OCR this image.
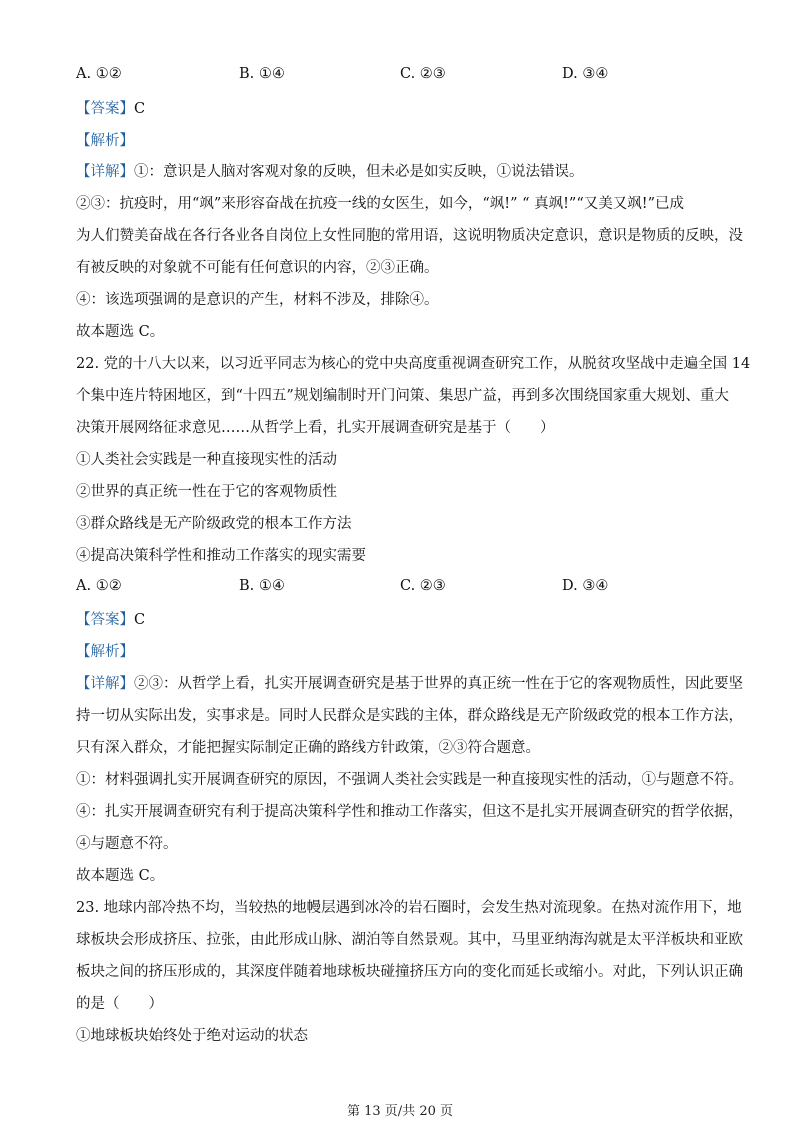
A. ①②	B. ①④	C. ②③	D. ③④
【答案】C
【解析】
【详解】①：意识是人脑对客观对象的反映，但未必是如实反映，①说法错误。
②③：抗疫时，用“飒”来形容奋战在抗疫一线的女医生，如今，“飒!” “ 真飒!”“又美又飒!”已成
为人们赞美奋战在各行各业各自岗位上女性同胞的常用语，这说明物质决定意识，意识是物质的反映，没
有被反映的对象就不可能有任何意识的内容，②③正确。
④：该选项强调的是意识的产生，材料不涉及，排除④。
故本题选 C。
22. 党的十八大以来，以习近平同志为核心的党中央高度重视调查研究工作，从脱贫攻坚战中走遍全国 14
个集中连片特困地区，到“十四五”规划编制时开门问策、集思广益，再到多次围绕国家重大规划、重大
决策开展网络征求意见……从哲学上看，扎实开展调查研究是基于（　　）
①人类社会实践是一种直接现实性的活动
②世界的真正统一性在于它的客观物质性
③群众路线是无产阶级政党的根本工作方法
④提高决策科学性和推动工作落实的现实需要
A. ①②	B. ①④	C. ②③	D. ③④
【答案】C
【解析】
【详解】②③：从哲学上看，扎实开展调查研究是基于世界的真正统一性在于它的客观物质性，因此要坚
持一切从实际出发，实事求是。同时人民群众是实践的主体，群众路线是无产阶级政党的根本工作方法，
只有深入群众，才能把握实际制定正确的路线方针政策，②③符合题意。
①：材料强调扎实开展调查研究的原因，不强调人类社会实践是一种直接现实性的活动，①与题意不符。
④：扎实开展调查研究有利于提高决策科学性和推动工作落实，但这不是扎实开展调查研究的哲学依据，
④与题意不符。
故本题选 C。
23. 地球内部冷热不均，当较热的地幔层遇到冰冷的岩石圈时，会发生热对流现象。在热对流作用下，地
球板块会形成挤压、拉张，由此形成山脉、湖泊等自然景观。其中，马里亚纳海沟就是太平洋板块和亚欧
板块之间的挤压形成的，其深度伴随着地球板块碰撞挤压方向的变化而延长或缩小。对此，下列认识正确
的是（　　）
①地球板块始终处于绝对运动的状态
第 13 页/共 20 页
